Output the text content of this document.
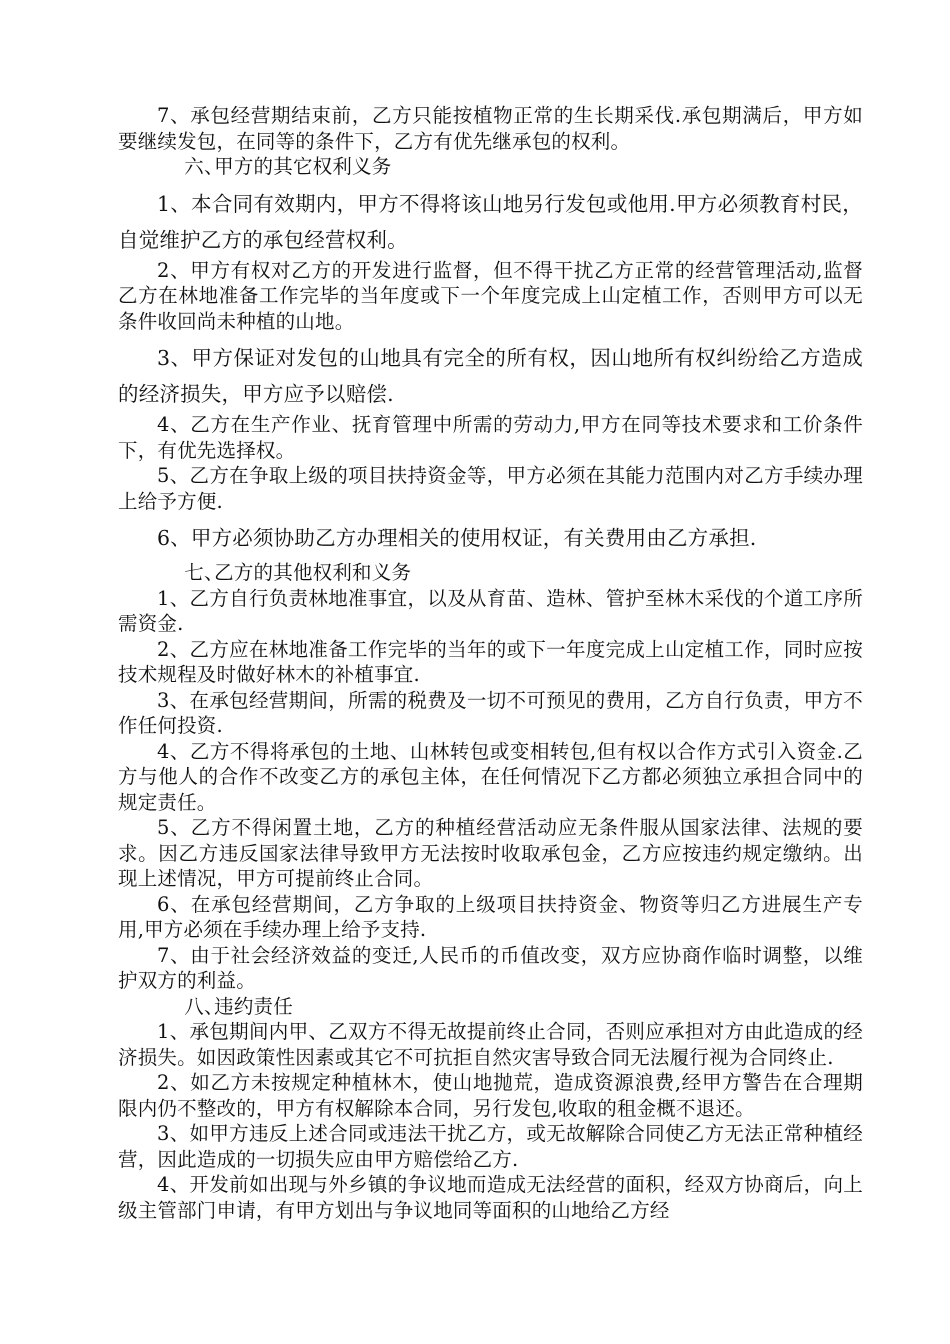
7、承包经营期结束前，乙方只能按植物正常的生长期采伐.承包期满后，甲方如要继续发包，在同等的条件下，乙方有优先继承包的权利。

六、甲方的其它权利义务

1、本合同有效期内，甲方不得将该山地另行发包或他用.甲方必须教育村民，自觉维护乙方的承包经营权利。

2、甲方有权对乙方的开发进行监督，但不得干扰乙方正常的经营管理活动,监督乙方在林地准备工作完毕的当年度或下一个年度完成上山定植工作，否则甲方可以无条件收回尚未种植的山地。

3、甲方保证对发包的山地具有完全的所有权，因山地所有权纠纷给乙方造成的经济损失，甲方应予以赔偿.

4、乙方在生产作业、抚育管理中所需的劳动力,甲方在同等技术要求和工价条件下，有优先选择权。

5、乙方在争取上级的项目扶持资金等，甲方必须在其能力范围内对乙方手续办理上给予方便.

6、甲方必须协助乙方办理相关的使用权证，有关费用由乙方承担.

七、乙方的其他权利和义务

1、乙方自行负责林地准事宜，以及从育苗、造林、管护至林木采伐的个道工序所需资金.

2、乙方应在林地准备工作完毕的当年的或下一年度完成上山定植工作，同时应按技术规程及时做好林木的补植事宜.

3、在承包经营期间，所需的税费及一切不可预见的费用，乙方自行负责，甲方不作任何投资.

4、乙方不得将承包的土地、山林转包或变相转包,但有权以合作方式引入资金.乙方与他人的合作不改变乙方的承包主体，在任何情况下乙方都必须独立承担合同中的规定责任。

5、乙方不得闲置土地，乙方的种植经营活动应无条件服从国家法律、法规的要求。因乙方违反国家法律导致甲方无法按时收取承包金，乙方应按违约规定缴纳。出现上述情况，甲方可提前终止合同。

6、在承包经营期间，乙方争取的上级项目扶持资金、物资等归乙方进展生产专用,甲方必须在手续办理上给予支持.

7、由于社会经济效益的变迁,人民币的币值改变，双方应协商作临时调整，以维护双方的利益。

八、违约责任

1、承包期间内甲、乙双方不得无故提前终止合同，否则应承担对方由此造成的经济损失。如因政策性因素或其它不可抗拒自然灾害导致合同无法履行视为合同终止.

2、如乙方未按规定种植林木，使山地抛荒，造成资源浪费,经甲方警告在合理期限内仍不整改的，甲方有权解除本合同，另行发包,收取的租金概不退还。

3、如甲方违反上述合同或违法干扰乙方，或无故解除合同使乙方无法正常种植经营，因此造成的一切损失应由甲方赔偿给乙方.

4、开发前如出现与外乡镇的争议地而造成无法经营的面积，经双方协商后，向上级主管部门申请，有甲方划出与争议地同等面积的山地给乙方经
